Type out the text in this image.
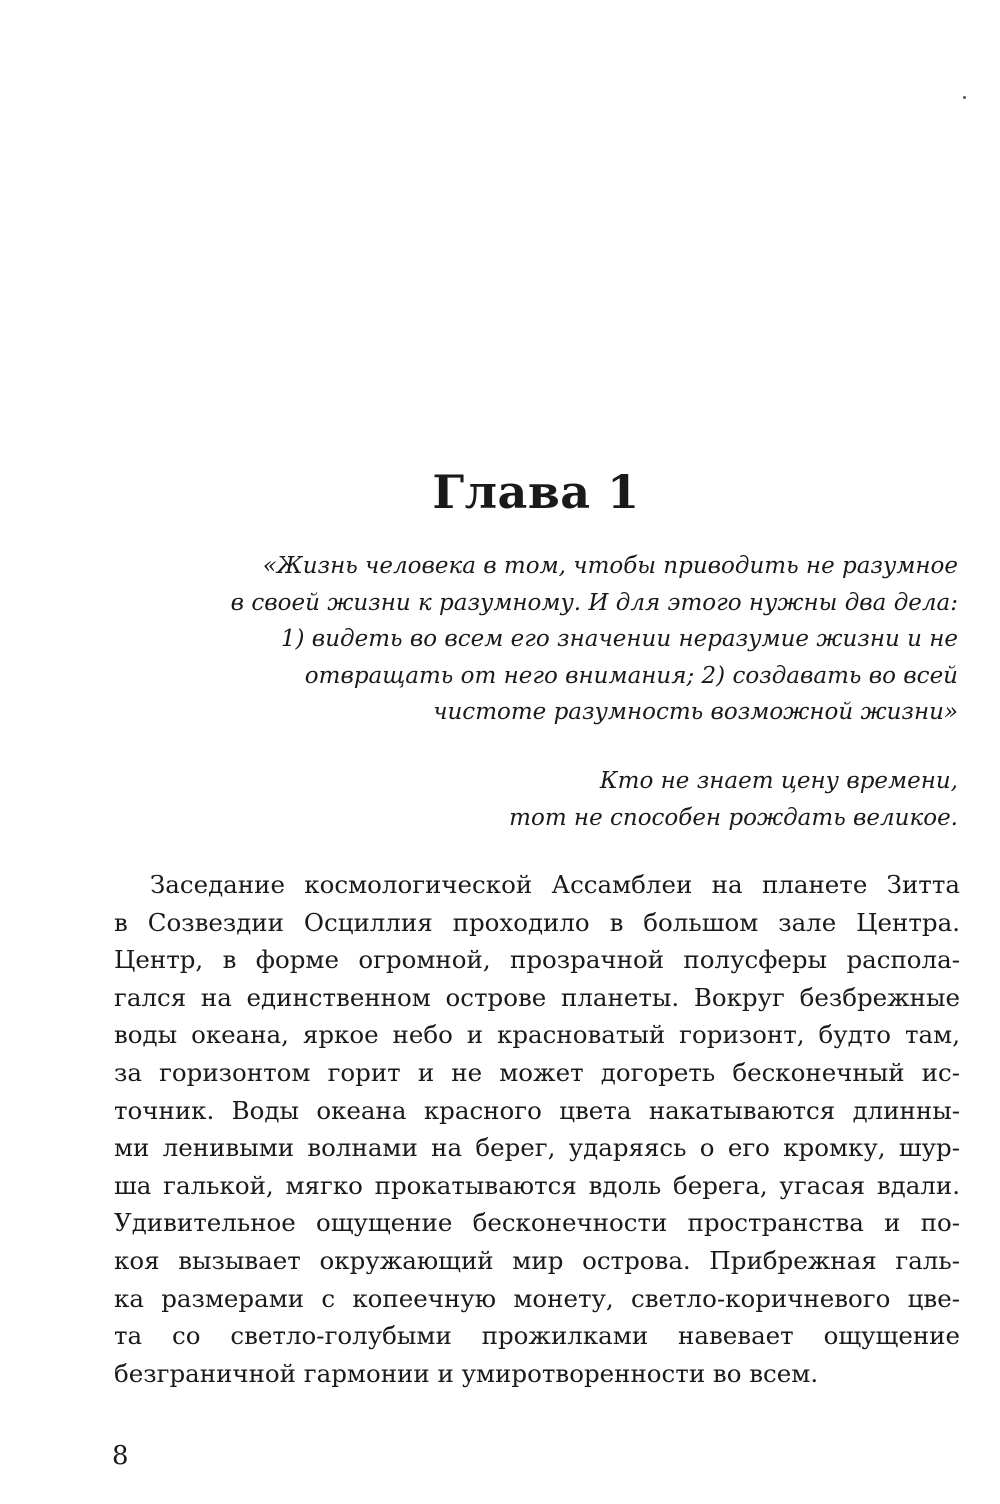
Глава 1
«Жизнь человека в том, чтобы приводить не разумное
в своей жизни к разумному. И для этого нужны два дела:
1) видеть во всем его значении неразумие жизни и не
отвращать от него внимания; 2) создавать во всей
чистоте разумность возможной жизни»
Кто не знает цену времени,
тот не способен рождать великое.
Заседание космологической Ассамблеи на планете Зитта
в Созвездии Осциллия проходило в большом зале Центра.
Центр, в форме огромной, прозрачной полусферы распола-
гался на единственном острове планеты. Вокруг безбрежные
воды океана, яркое небо и красноватый горизонт, будто там,
за горизонтом горит и не может догореть бесконечный ис-
точник. Воды океана красного цвета накатываются длинны-
ми ленивыми волнами на берег, ударяясь о его кромку, шур-
ша галькой, мягко прокатываются вдоль берега, угасая вдали.
Удивительное ощущение бесконечности пространства и по-
коя вызывает окружающий мир острова. Прибрежная галь-
ка размерами с копеечную монету, светло-коричневого цве-
та со светло-голубыми прожилками навевает ощущение
безграничной гармонии и умиротворенности во всем.
8
